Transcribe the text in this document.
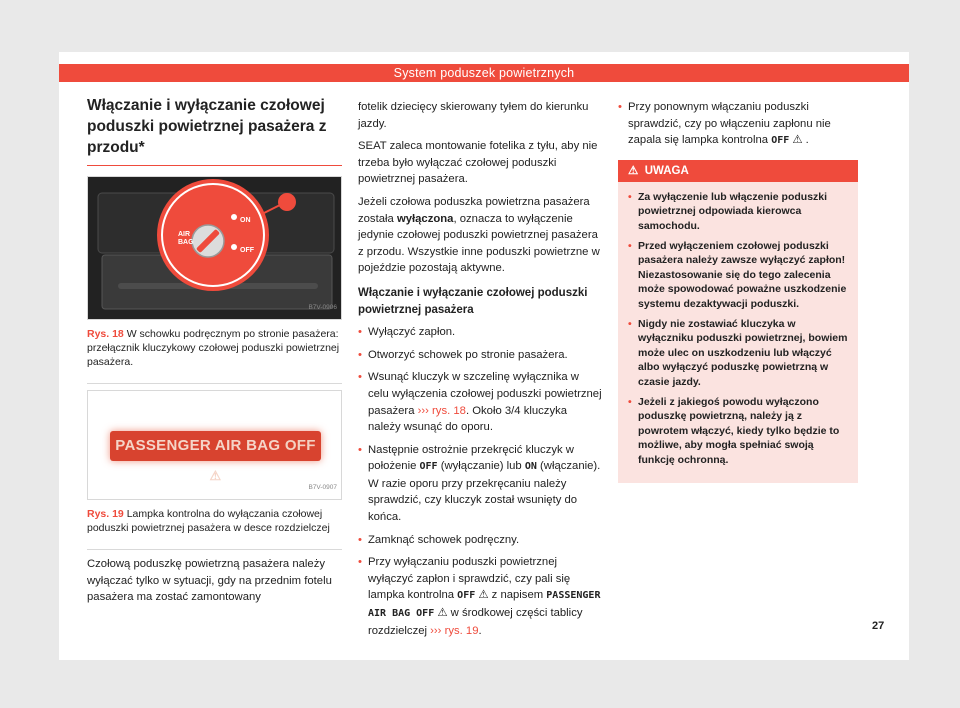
System poduszek powietrznych
Włączanie i wyłączanie czołowej poduszki powietrznej pasażera z przodu*
AIR BAG
ON
OFF
B7V-0906
Rys. 18 W schowku podręcznym po stronie pasażera: przełącznik kluczykowy czołowej poduszki powietrznej pasażera.
PASSENGER AIR BAG OFF ⚠
B7V-0907
Rys. 19 Lampka kontrolna do wyłączania czołowej poduszki powietrznej pasażera w desce rozdzielczej

Czołową poduszkę powietrzną pasażera należy wyłączać tylko w sytuacji, gdy na przednim fotelu pasażera ma zostać zamontowany

fotelik dziecięcy skierowany tyłem do kierunku jazdy.

SEAT zaleca montowanie fotelika z tyłu, aby nie trzeba było wyłączać czołowej poduszki powietrznej pasażera.

Jeżeli czołowa poduszka powietrzna pasażera została wyłączona, oznacza to wyłączenie jedynie czołowej poduszki powietrznej pasażera z przodu. Wszystkie inne poduszki powietrzne w pojeździe pozostają aktywne.

Włączanie i wyłączanie czołowej poduszki powietrznej pasażera
• Wyłączyć zapłon.
• Otworzyć schowek po stronie pasażera.
• Wsunąć kluczyk w szczelinę wyłącznika w celu wyłączenia czołowej poduszki powietrznej pasażera ››› rys. 18. Około 3/4 kluczyka należy wsunąć do oporu.
• Następnie ostrożnie przekręcić kluczyk w położenie OFF (wyłączanie) lub ON (włączanie). W razie oporu przy przekręcaniu należy sprawdzić, czy kluczyk został wsunięty do końca.
• Zamknąć schowek podręczny.
• Przy wyłączaniu poduszki powietrznej wyłączyć zapłon i sprawdzić, czy pali się lampka kontrolna OFF ⚠ z napisem PASSENGER AIR BAG OFF ⚠ w środkowej części tablicy rozdzielczej ››› rys. 19.
• Przy ponownym włączaniu poduszki sprawdzić, czy po włączeniu zapłonu nie zapala się lampka kontrolna OFF ⚠ .
⚠ UWAGA
• Za wyłączenie lub włączenie poduszki powietrznej odpowiada kierowca samochodu.
• Przed wyłączeniem czołowej poduszki pasażera należy zawsze wyłączyć zapłon! Niezastosowanie się do tego zalecenia może spowodować poważne uszkodzenie systemu dezaktywacji poduszki.
• Nigdy nie zostawiać kluczyka w wyłączniku poduszki powietrznej, bowiem może ulec on uszkodzeniu lub włączyć albo wyłączyć poduszkę powietrzną w czasie jazdy.
• Jeżeli z jakiegoś powodu wyłączono poduszkę powietrzną, należy ją z powrotem włączyć, kiedy tylko będzie to możliwe, aby mogła spełniać swoją funkcję ochronną.
27
